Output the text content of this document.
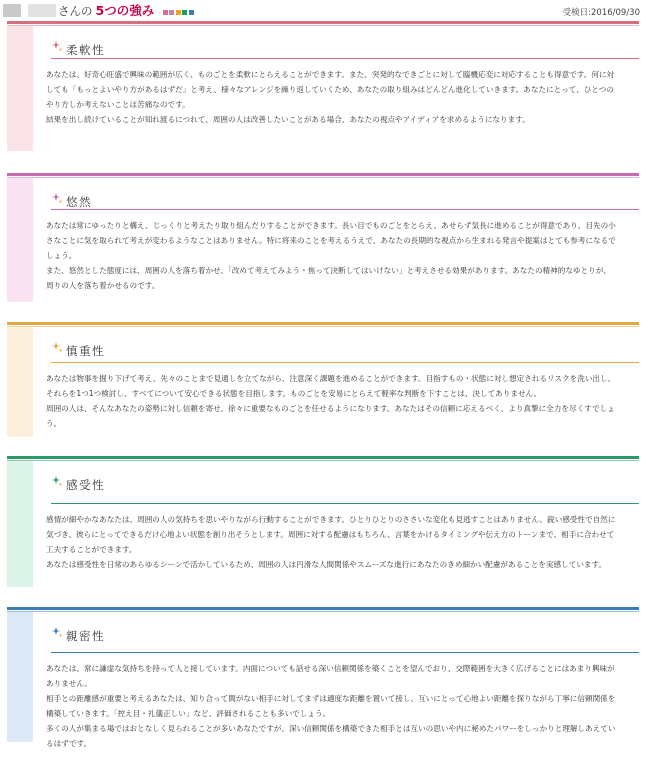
さんの 5つの強み	受検日:2016/09/30
柔軟性

あなたは、好奇心旺盛で興味の範囲が広く、ものごとを柔軟にとらえることができます。また、突発的なできごとに対して臨機応変に対応することも得意です。何に対しても「もっとよいやり方があるはずだ」と考え、様々なアレンジを繰り返していくため、あなたの取り組みはどんどん進化していきます。あなたにとって、ひとつのやり方しか考えないことは苦痛なのです。

結果を出し続けていることが知れ渡るにつれて、周囲の人は改善したいことがある場合、あなたの視点やアイディアを求めるようになります。

悠然

あなたは常にゆったりと構え、じっくりと考えたり取り組んだりすることができます。長い目でものごとをとらえ、あせらず気長に進めることが得意であり、目先の小さなことに気を取られて考えが変わるようなことはありません。特に将来のことを考えるうえで、あなたの長期的な視点から生まれる発言や提案はとても参考になるでしょう。

また、悠然とした態度には、周囲の人を落ち着かせ、「改めて考えてみよう・焦って決断してはいけない」と考えさせる効果があります。あなたの精神的なゆとりが、周りの人を落ち着かせるのです。

慎重性

あなたは物事を掘り下げて考え、先々のことまで見通しを立てながら、注意深く課題を進めることができます。目指すもの・状態に対し想定されるリスクを洗い出し、それらを1つ1つ検討し、すべてについて安心できる状態を目指します。ものごとを安易にとらえて軽率な判断を下すことは、決してありません。

周囲の人は、そんなあなたの姿勢に対し信頼を寄せ、徐々に重要なものごとを任せるようになります。あなたはその信頼に応えるべく、より真摯に全力を尽くすでしょう。

感受性

感情が細やかなあなたは、周囲の人の気持ちを思いやりながら行動することができます。ひとりひとりのささいな変化も見逃すことはありません。鋭い感受性で自然に気づき、彼らにとってできるだけ心地よい状態を創り出そうとします。周囲に対する配慮はもちろん、言葉をかけるタイミングや伝え方のトーンまで、相手に合わせて工夫することができます。

あなたは感受性を日常のあらゆるシーンで活かしているため、周囲の人は円滑な人間関係やスムーズな進行にあなたのきめ細かい配慮があることを実感しています。

親密性

あなたは、常に謙虚な気持ちを持って人と接しています。内面についても話せる深い信頼関係を築くことを望んでおり、交際範囲を大きく広げることにはあまり興味がありません。

相手との距離感が重要と考えるあなたは、知り合って間がない相手に対してまずは適度な距離を置いて接し、互いにとって心地よい距離を探りながら丁寧に信頼関係を構築していきます。「控え目・礼儀正しい」など、評価されることも多いでしょう。

多くの人が集まる場ではおとなしく見られることが多いあなたですが、深い信頼関係を構築できた相手とは互いの思いや内に秘めたパワーをしっかりと理解しあえているはずです。
